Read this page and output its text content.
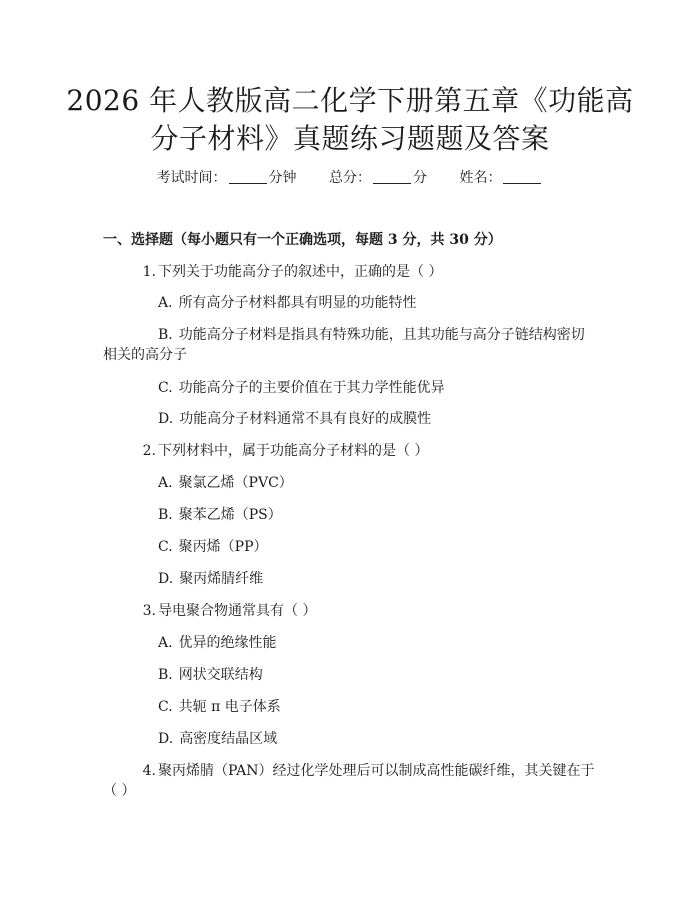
2026 年人教版高二化学下册第五章《功能高
分子材料》真题练习题题及答案
考试时间：	分钟 总分：	分 姓名：
一、选择题（每小题只有一个正确选项，每题 3 分，共 30 分）
1. 下列关于功能高分子的叙述中，正确的是（ ）
A. 所有高分子材料都具有明显的功能特性
B. 功能高分子材料是指具有特殊功能，且其功能与高分子链结构密切相关的高分子
C. 功能高分子的主要价值在于其力学性能优异
D. 功能高分子材料通常不具有良好的成膜性
2. 下列材料中，属于功能高分子材料的是（ ）
A. 聚氯乙烯（PVC）
B. 聚苯乙烯（PS）
C. 聚丙烯（PP）
D. 聚丙烯腈纤维
3. 导电聚合物通常具有（ ）
A. 优异的绝缘性能
B. 网状交联结构
C. 共轭 π 电子体系
D. 高密度结晶区域
4. 聚丙烯腈（PAN）经过化学处理后可以制成高性能碳纤维，其关键在于（ ）
